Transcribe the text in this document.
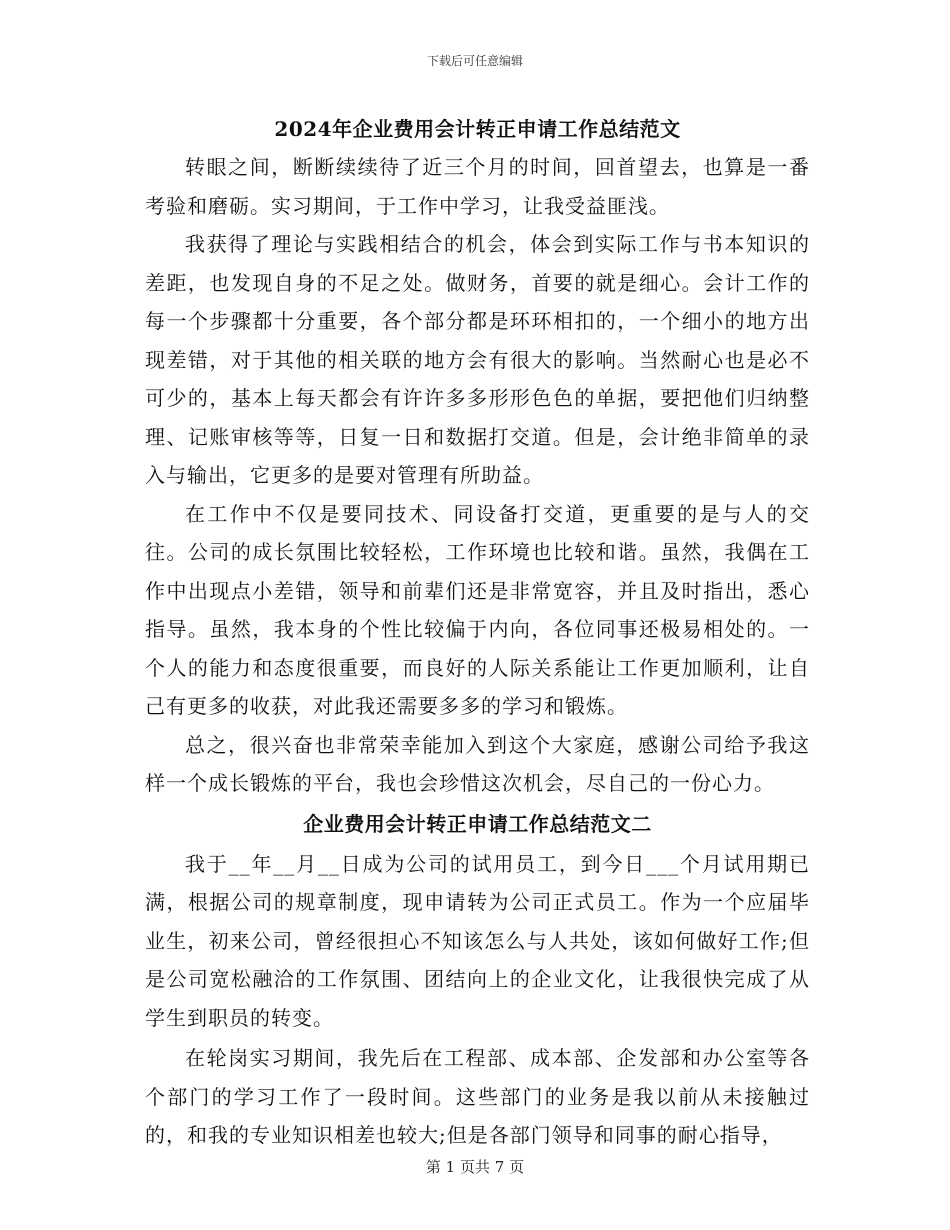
下载后可任意编辑
2024年企业费用会计转正申请工作总结范文

转眼之间，断断续续待了近三个月的时间，回首望去，也算是一番考验和磨砺。实习期间，于工作中学习，让我受益匪浅。

我获得了理论与实践相结合的机会，体会到实际工作与书本知识的差距，也发现自身的不足之处。做财务，首要的就是细心。会计工作的每一个步骤都十分重要，各个部分都是环环相扣的，一个细小的地方出现差错，对于其他的相关联的地方会有很大的影响。当然耐心也是必不可少的，基本上每天都会有许许多多形形色色的单据，要把他们归纳整理、记账审核等等，日复一日和数据打交道。但是，会计绝非简单的录入与输出，它更多的是要对管理有所助益。

在工作中不仅是要同技术、同设备打交道，更重要的是与人的交往。公司的成长氛围比较轻松，工作环境也比较和谐。虽然，我偶在工作中出现点小差错，领导和前辈们还是非常宽容，并且及时指出，悉心指导。虽然，我本身的个性比较偏于内向，各位同事还极易相处的。一个人的能力和态度很重要，而良好的人际关系能让工作更加顺利，让自己有更多的收获，对此我还需要多多的学习和锻炼。

总之，很兴奋也非常荣幸能加入到这个大家庭，感谢公司给予我这样一个成长锻炼的平台，我也会珍惜这次机会，尽自己的一份心力。

企业费用会计转正申请工作总结范文二

我于__年__月__日成为公司的试用员工，到今日___个月试用期已满，根据公司的规章制度，现申请转为公司正式员工。作为一个应届毕业生，初来公司，曾经很担心不知该怎么与人共处，该如何做好工作;但是公司宽松融洽的工作氛围、团结向上的企业文化，让我很快完成了从学生到职员的转变。

在轮岗实习期间，我先后在工程部、成本部、企发部和办公室等各个部门的学习工作了一段时间。这些部门的业务是我以前从未接触过的，和我的专业知识相差也较大;但是各部门领导和同事的耐心指导，

第 1 页共 7 页
